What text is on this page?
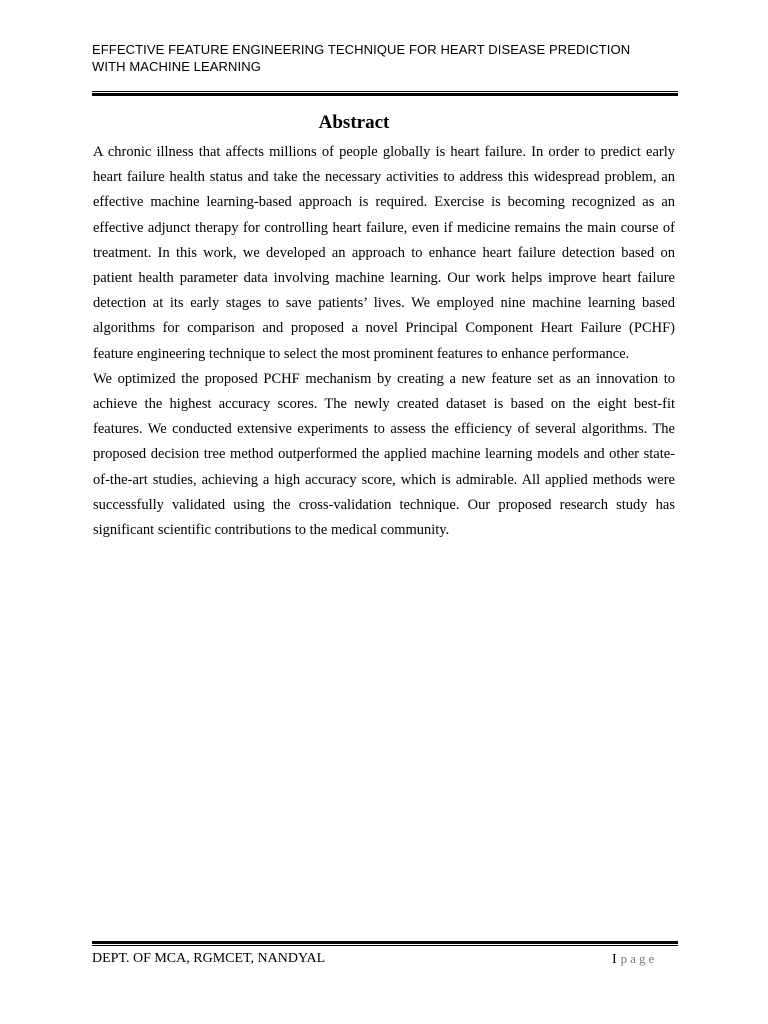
EFFECTIVE FEATURE ENGINEERING TECHNIQUE FOR HEART DISEASE PREDICTION
WITH MACHINE LEARNING
Abstract

A chronic illness that affects millions of people globally is heart failure. In order to predict early heart failure health status and take the necessary activities to address this widespread problem, an effective machine learning-based approach is required. Exercise is becoming recognized as an effective adjunct therapy for controlling heart failure, even if medicine remains the main course of treatment. In this work, we developed an approach to enhance heart failure detection based on patient health parameter data involving machine learning. Our work helps improve heart failure detection at its early stages to save patients’ lives. We employed nine machine learning based algorithms for comparison and proposed a novel Principal Component Heart Failure (PCHF) feature engineering technique to select the most prominent features to enhance performance.

We optimized the proposed PCHF mechanism by creating a new feature set as an innovation to achieve the highest accuracy scores. The newly created dataset is based on the eight best-fit features. We conducted extensive experiments to assess the efficiency of several algorithms. The proposed decision tree method outperformed the applied machine learning models and other state-of-the-art studies, achieving a high accuracy score, which is admirable. All applied methods were successfully validated using the cross-validation technique. Our proposed research study has significant scientific contributions to the medical community.

DEPT. OF MCA, RGMCET, NANDYAL	I page
